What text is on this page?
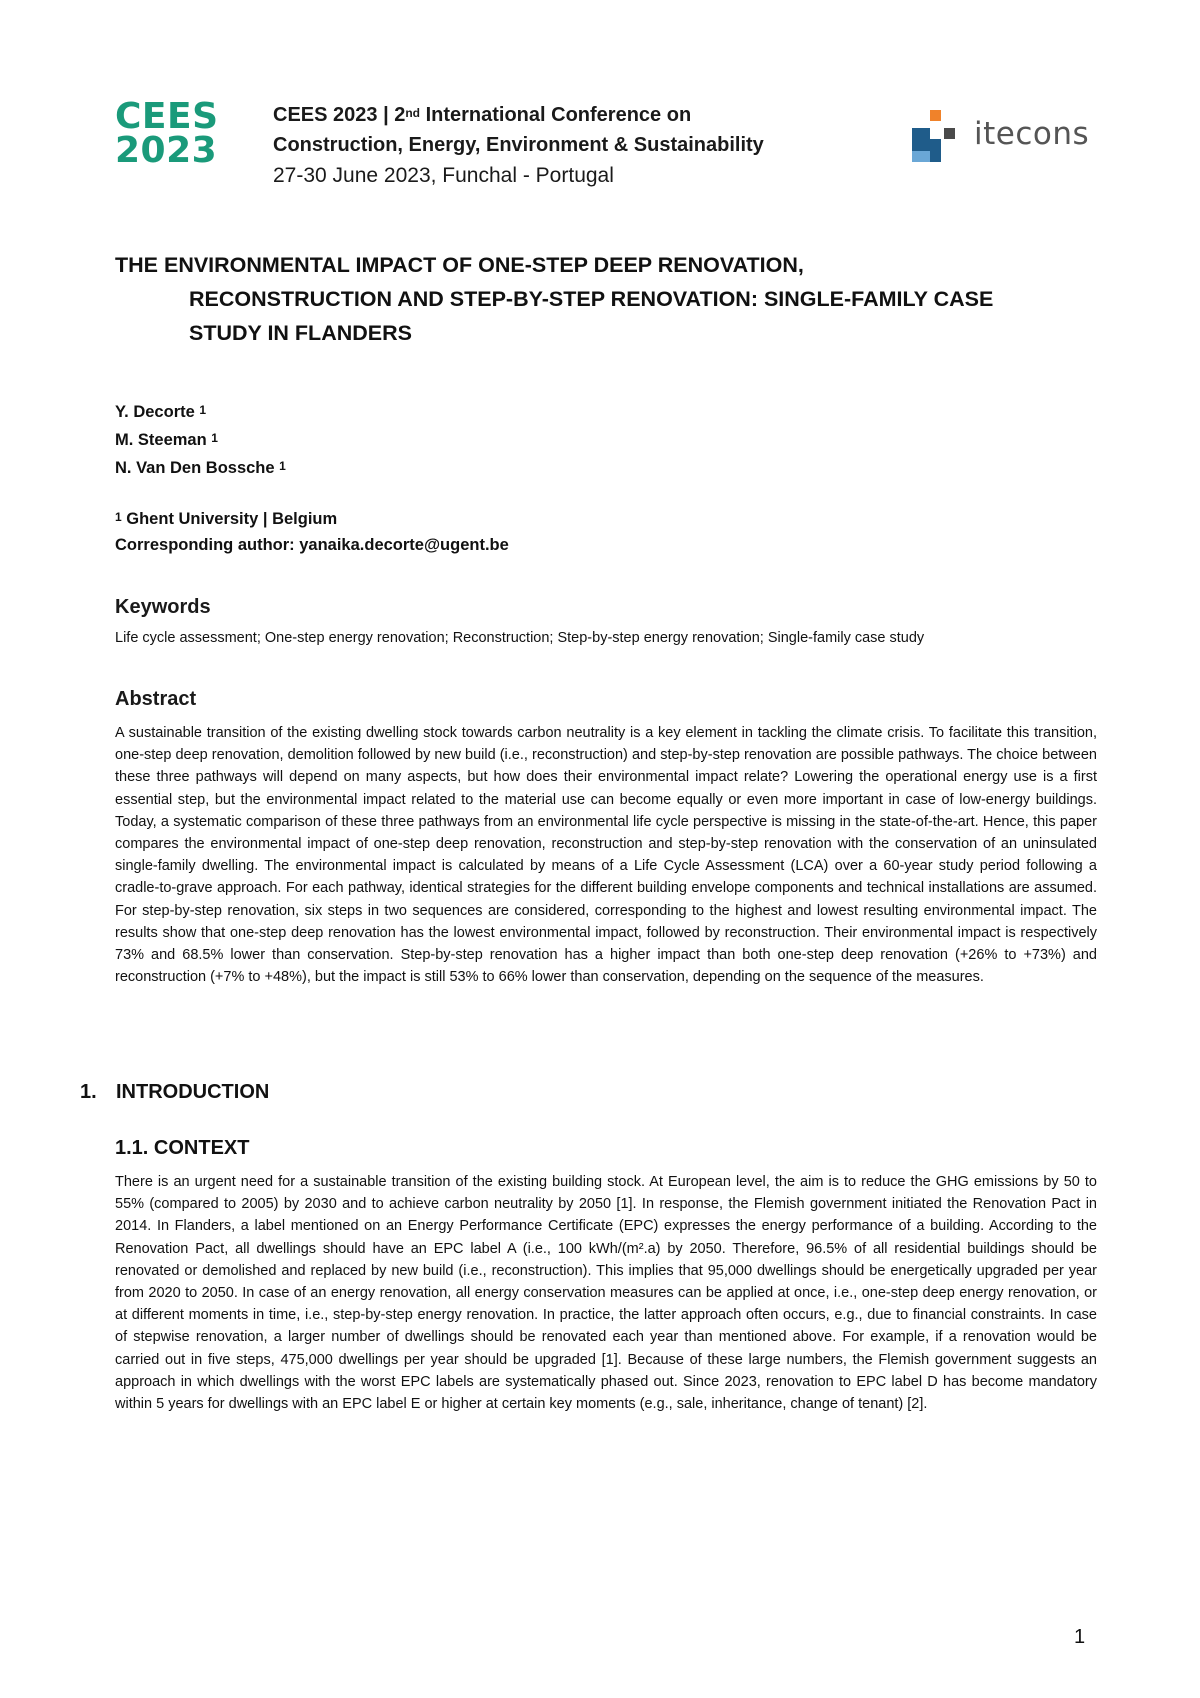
CEES
2023
CEES 2023 | 2nd International Conference on
Construction, Energy, Environment & Sustainability
27-30 June 2023, Funchal - Portugal
itecons
THE ENVIRONMENTAL IMPACT OF ONE-STEP DEEP RENOVATION,
RECONSTRUCTION AND STEP-BY-STEP RENOVATION: SINGLE-FAMILY CASE
STUDY IN FLANDERS
Y. Decorte $^1$
M. Steeman $^1$
N. Van Den Bossche $^1$
$^1$ Ghent University | Belgium
Corresponding author: yanaika.decorte@ugent.be
Keywords
Life cycle assessment; One-step energy renovation; Reconstruction; Step-by-step energy renovation; Single-family case study
Abstract
A sustainable transition of the existing dwelling stock towards carbon neutrality is a key element in tackling the climate crisis. To facilitate this transition, one-step deep renovation, demolition followed by new build (i.e., reconstruction) and step-by-step renovation are possible pathways. The choice between these three pathways will depend on many aspects, but how does their environmental impact relate? Lowering the operational energy use is a first essential step, but the environmental impact related to the material use can become equally or even more important in case of low-energy buildings. Today, a systematic comparison of these three pathways from an environmental life cycle perspective is missing in the state-of-the-art. Hence, this paper compares the environmental impact of one-step deep renovation, reconstruction and step-by-step renovation with the conservation of an uninsulated single-family dwelling. The environmental impact is calculated by means of a Life Cycle Assessment (LCA) over a 60-year study period following a cradle-to-grave approach. For each pathway, identical strategies for the different building envelope components and technical installations are assumed. For step-by-step renovation, six steps in two sequences are considered, corresponding to the highest and lowest resulting environmental impact. The results show that one-step deep renovation has the lowest environmental impact, followed by reconstruction. Their environmental impact is respectively 73% and 68.5% lower than conservation. Step-by-step renovation has a higher impact than both one-step deep renovation (+26% to +73%) and reconstruction (+7% to +48%), but the impact is still 53% to 66% lower than conservation, depending on the sequence of the measures.
1. INTRODUCTION
1.1. CONTEXT
There is an urgent need for a sustainable transition of the existing building stock. At European level, the aim is to reduce the GHG emissions by 50 to 55% (compared to 2005) by 2030 and to achieve carbon neutrality by 2050 [1]. In response, the Flemish government initiated the Renovation Pact in 2014. In Flanders, a label mentioned on an Energy Performance Certificate (EPC) expresses the energy performance of a building. According to the Renovation Pact, all dwellings should have an EPC label A (i.e., 100 kWh/(m².a) by 2050. Therefore, 96.5% of all residential buildings should be renovated or demolished and replaced by new build (i.e., reconstruction). This implies that 95,000 dwellings should be energetically upgraded per year from 2020 to 2050. In case of an energy renovation, all energy conservation measures can be applied at once, i.e., one-step deep energy renovation, or at different moments in time, i.e., step-by-step energy renovation. In practice, the latter approach often occurs, e.g., due to financial constraints. In case of stepwise renovation, a larger number of dwellings should be renovated each year than mentioned above. For example, if a renovation would be carried out in five steps, 475,000 dwellings per year should be upgraded [1]. Because of these large numbers, the Flemish government suggests an approach in which dwellings with the worst EPC labels are systematically phased out. Since 2023, renovation to EPC label D has become mandatory within 5 years for dwellings with an EPC label E or higher at certain key moments (e.g., sale, inheritance, change of tenant) [2].
1
